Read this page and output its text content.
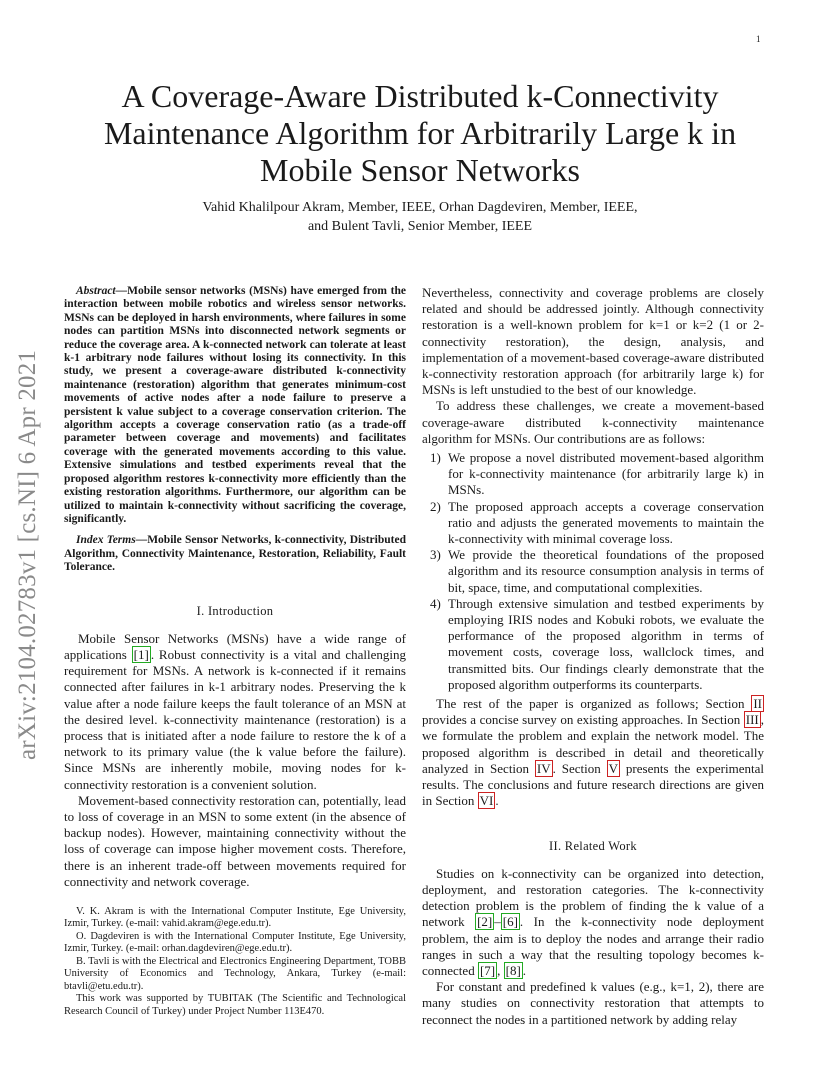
1
arXiv:2104.02783v1 [cs.NI] 6 Apr 2021
A Coverage-Aware Distributed k-Connectivity Maintenance Algorithm for Arbitrarily Large k in Mobile Sensor Networks
Vahid Khalilpour Akram, Member, IEEE, Orhan Dagdeviren, Member, IEEE,
and Bulent Tavli, Senior Member, IEEE

Abstract—Mobile sensor networks (MSNs) have emerged from the interaction between mobile robotics and wireless sensor networks. MSNs can be deployed in harsh environments, where failures in some nodes can partition MSNs into disconnected network segments or reduce the coverage area. A k-connected network can tolerate at least k-1 arbitrary node failures without losing its connectivity. In this study, we present a coverage-aware distributed k-connectivity maintenance (restoration) algorithm that generates minimum-cost movements of active nodes after a node failure to preserve a persistent k value subject to a coverage conservation criterion. The algorithm accepts a coverage conservation ratio (as a trade-off parameter between coverage and movements) and facilitates coverage with the generated movements according to this value. Extensive simulations and testbed experiments reveal that the proposed algorithm restores k-connectivity more efficiently than the existing restoration algorithms. Furthermore, our algorithm can be utilized to maintain k-connectivity without sacrificing the coverage, significantly.

Index Terms—Mobile Sensor Networks, k-connectivity, Distributed Algorithm, Connectivity Maintenance, Restoration, Reliability, Fault Tolerance.

I. Introduction

Mobile Sensor Networks (MSNs) have a wide range of applications [1] . Robust connectivity is a vital and challenging requirement for MSNs. A network is k-connected if it remains connected after failures in k-1 arbitrary nodes. Preserving the k value after a node failure keeps the fault tolerance of an MSN at the desired level. k-connectivity maintenance (restoration) is a process that is initiated after a node failure to restore the k of a network to its primary value (the k value before the failure). Since MSNs are inherently mobile, moving nodes for k-connectivity restoration is a convenient solution.

Movement-based connectivity restoration can, potentially, lead to loss of coverage in an MSN to some extent (in the absence of backup nodes). However, maintaining connectivity without the loss of coverage can impose higher movement costs. Therefore, there is an inherent trade-off between movements required for connectivity and network coverage.

V. K. Akram is with the International Computer Institute, Ege University, Izmir, Turkey. (e-mail: vahid.akram@ege.edu.tr).

O. Dagdeviren is with the International Computer Institute, Ege University, Izmir, Turkey. (e-mail: orhan.dagdeviren@ege.edu.tr).

B. Tavli is with the Electrical and Electronics Engineering Department, TOBB University of Economics and Technology, Ankara, Turkey (e-mail: btavli@etu.edu.tr).

This work was supported by TUBITAK (The Scientific and Technological Research Council of Turkey) under Project Number 113E470.

Nevertheless, connectivity and coverage problems are closely related and should be addressed jointly. Although connectivity restoration is a well-known problem for k=1 or k=2 (1 or 2-connectivity restoration), the design, analysis, and implementation of a movement-based coverage-aware distributed k-connectivity restoration approach (for arbitrarily large k) for MSNs is left unstudied to the best of our knowledge.

To address these challenges, we create a movement-based coverage-aware distributed k-connectivity maintenance algorithm for MSNs. Our contributions are as follows:

1) We propose a novel distributed movement-based algorithm for k-connectivity maintenance (for arbitrarily large k) in MSNs.
2) The proposed approach accepts a coverage conservation ratio and adjusts the generated movements to maintain the k-connectivity with minimal coverage loss.
3) We provide the theoretical foundations of the proposed algorithm and its resource consumption analysis in terms of bit, space, time, and computational complexities.
4) Through extensive simulation and testbed experiments by employing IRIS nodes and Kobuki robots, we evaluate the performance of the proposed algorithm in terms of movement costs, coverage loss, wallclock times, and transmitted bits. Our findings clearly demonstrate that the proposed algorithm outperforms its counterparts.

The rest of the paper is organized as follows; Section II provides a concise survey on existing approaches. In Section III , we formulate the problem and explain the network model. The proposed algorithm is described in detail and theoretically analyzed in Section IV . Section V presents the experimental results. The conclusions and future research directions are given in Section VI .

II. Related Work

Studies on k-connectivity can be organized into detection, deployment, and restoration categories. The k-connectivity detection problem is the problem of finding the k value of a network [2] – [6] . In the k-connectivity node deployment problem, the aim is to deploy the nodes and arrange their radio ranges in such a way that the resulting topology becomes k-connected [7] , [8] .

For constant and predefined k values (e.g., k=1, 2), there are many studies on connectivity restoration that attempts to reconnect the nodes in a partitioned network by adding relay
